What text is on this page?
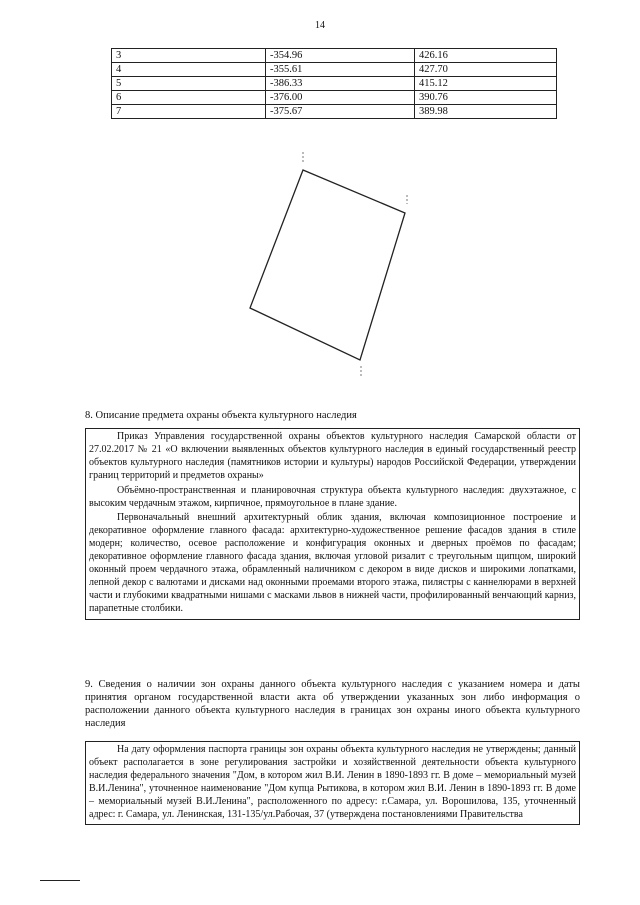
14
3	-354.96	426.16
4	-355.61	427.70
5	-386.33	415.12
6	-376.00	390.76
7	-375.67	389.98
8. Описание предмета охраны объекта культурного наследия

Приказ Управления государственной охраны объектов культурного наследия Самарской области от 27.02.2017 № 21 «О включении выявленных объектов культурного наследия в единый государственный реестр объектов культурного наследия (памятников истории и культуры) народов Российской Федерации, утверждении границ территорий и предметов охраны»

Объёмно-пространственная и планировочная структура объекта культурного наследия: двухэтажное, с высоким чердачным этажом, кирпичное, прямоугольное в плане здание.

Первоначальный внешний архитектурный облик здания, включая композиционное построение и декоративное оформление главного фасада: архитектурно-художественное решение фасадов здания в стиле модерн; количество, осевое расположение и конфигурация оконных и дверных проёмов по фасадам; декоративное оформление главного фасада здания, включая угловой ризалит с треугольным щипцом, широкий оконный проем чердачного этажа, обрамленный наличником с декором в виде дисков и широкими лопатками, лепной декор с валютами и дисками над оконными проемами второго этажа, пилястры с каннелюрами в верхней части и глубокими квадратными нишами с масками львов в нижней части, профилированный венчающий карниз, парапетные столбики.

9. Сведения о наличии зон охраны данного объекта культурного наследия с указанием номера и даты принятия органом государственной власти акта об утверждении указанных зон либо информация о расположении данного объекта культурного наследия в границах зон охраны иного объекта культурного наследия

На дату оформления паспорта границы зон охраны объекта культурного наследия не утверждены; данный объект располагается в зоне регулирования застройки и хозяйственной деятельности объекта культурного наследия федерального значения "Дом, в котором жил В.И. Ленин в 1890-1893 гг. В доме – мемориальный музей В.И.Ленина", уточненное наименование "Дом купца Рытикова, в котором жил В.И. Ленин в 1890-1893 гг. В доме – мемориальный музей В.И.Ленина", расположенного по адресу: г.Самара, ул. Ворошилова, 135, уточненный адрес: г. Самара, ул. Ленинская, 131-135/ул.Рабочая, 37 (утверждена постановлениями Правительства
